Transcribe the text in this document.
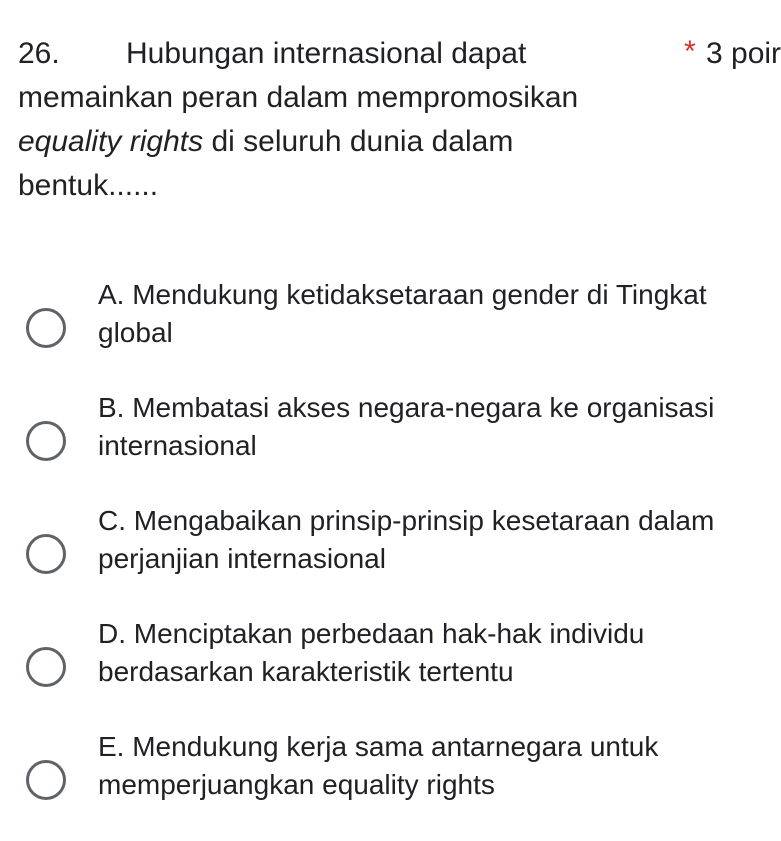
26. Hubungan internasional dapat	* 3 poir
memainkan peran dalam mempromosikan
equality rights di seluruh dunia dalam
bentuk......
A. Mendukung ketidaksetaraan gender di Tingkat
global
B. Membatasi akses negara-negara ke organisasi
internasional
C. Mengabaikan prinsip-prinsip kesetaraan dalam
perjanjian internasional
D. Menciptakan perbedaan hak-hak individu
berdasarkan karakteristik tertentu
E. Mendukung kerja sama antarnegara untuk
memperjuangkan equality rights
